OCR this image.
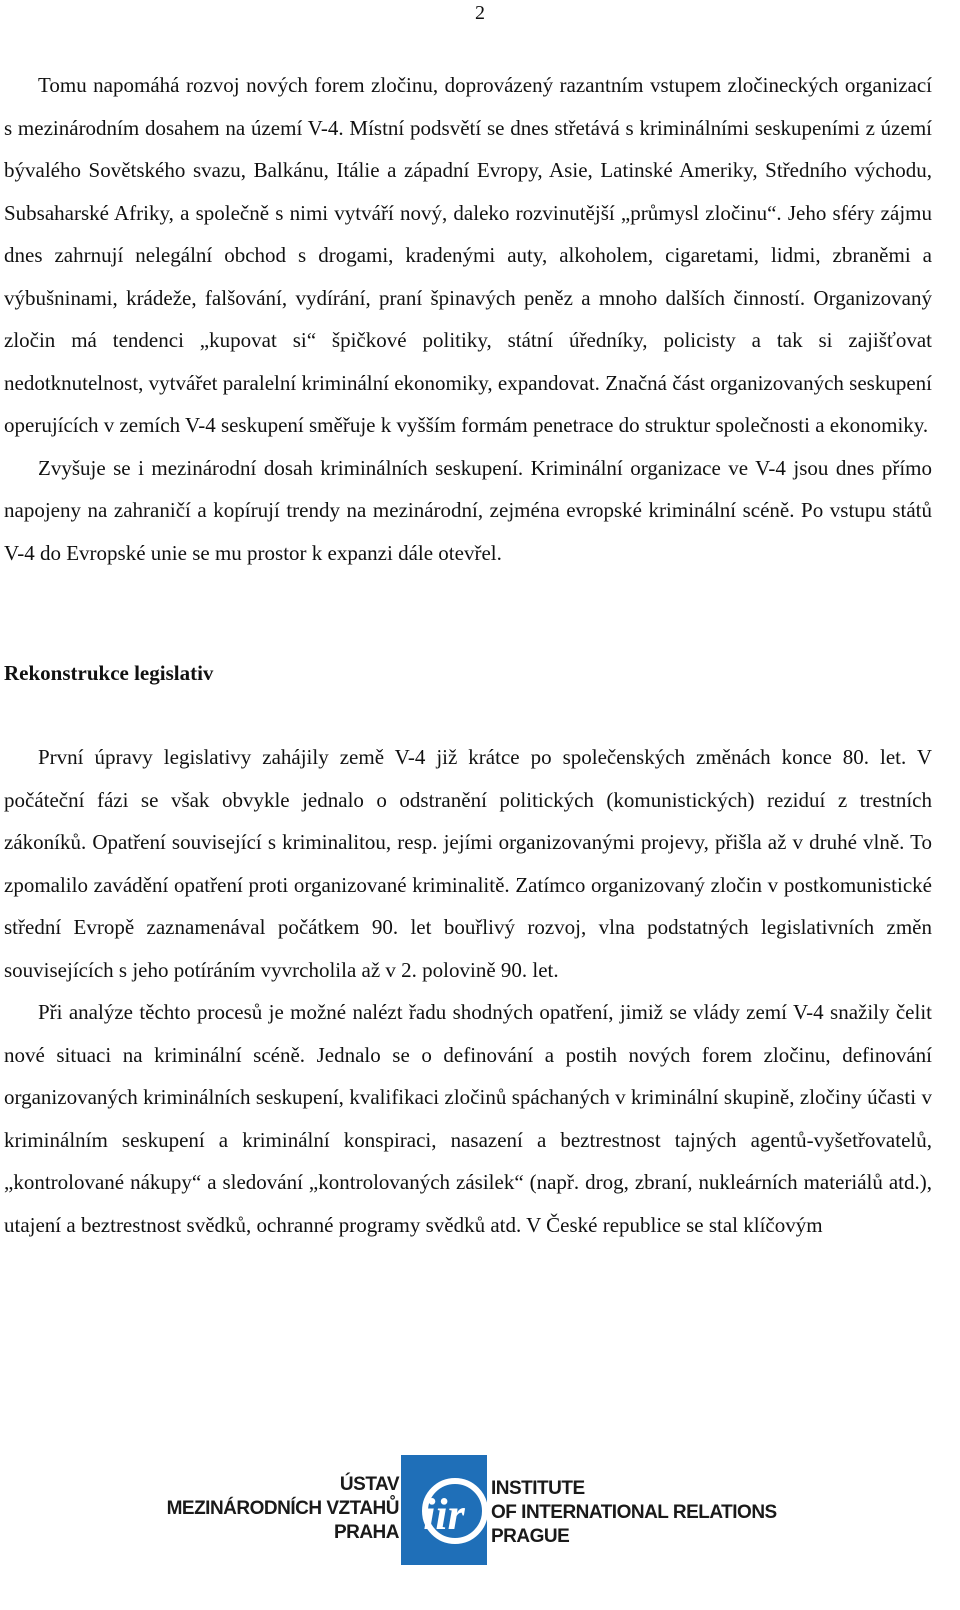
2

Tomu napomáhá rozvoj nových forem zločinu, doprovázený razantním vstupem zločineckých organizací s mezinárodním dosahem na území V-4. Místní podsvětí se dnes střetává s kriminálními seskupeními z území bývalého Sovětského svazu, Balkánu, Itálie a západní Evropy, Asie, Latinské Ameriky, Středního východu, Subsaharské Afriky, a společně s nimi vytváří nový, daleko rozvinutější „průmysl zločinu“. Jeho sféry zájmu dnes zahrnují nelegální obchod s drogami, kradenými auty, alkoholem, cigaretami, lidmi, zbraněmi a výbušninami, krádeže, falšování, vydírání, praní špinavých peněz a mnoho dalších činností. Organizovaný zločin má tendenci „kupovat si“ špičkové politiky, státní úředníky, policisty a tak si zajišťovat nedotknutelnost, vytvářet paralelní kriminální ekonomiky, expandovat. Značná část organizovaných seskupení operujících v zemích V-4 seskupení směřuje k vyšším formám penetrace do struktur společnosti a ekonomiky.

Zvyšuje se i mezinárodní dosah kriminálních seskupení. Kriminální organizace ve V-4 jsou dnes přímo napojeny na zahraničí a kopírují trendy na mezinárodní, zejména evropské kriminální scéně. Po vstupu států V-4 do Evropské unie se mu prostor k expanzi dále otevřel.

Rekonstrukce legislativ

První úpravy legislativy zahájily země V-4 již krátce po společenských změnách konce 80. let. V počáteční fázi se však obvykle jednalo o odstranění politických (komunistických) reziduí z trestních zákoníků. Opatření související s kriminalitou, resp. jejími organizovanými projevy, přišla až v druhé vlně. To zpomalilo zavádění opatření proti organizované kriminalitě. Zatímco organizovaný zločin v postkomunistické střední Evropě zaznamenával počátkem 90. let bouřlivý rozvoj, vlna podstatných legislativních změn souvisejících s jeho potíráním vyvrcholila až v 2. polovině 90. let.

Při analýze těchto procesů je možné nalézt řadu shodných opatření, jimiž se vlády zemí V-4 snažily čelit nové situaci na kriminální scéně. Jednalo se o definování a postih nových forem zločinu, definování organizovaných kriminálních seskupení, kvalifikaci zločinů spáchaných v kriminální skupině, zločiny účasti v kriminálním seskupení a kriminální konspiraci, nasazení a beztrestnost tajných agentů-vyšetřovatelů, „kontrolované nákupy“ a sledování „kontrolovaných zásilek“ (např. drog, zbraní, nukleárních materiálů atd.), utajení a beztrestnost svědků, ochranné programy svědků atd. V České republice se stal klíčovým

ÚSTAV
MEZINÁRODNÍCH VZTAHŮ
PRAHA iir
INSTITUTE
OF INTERNATIONAL RELATIONS
PRAGUE
